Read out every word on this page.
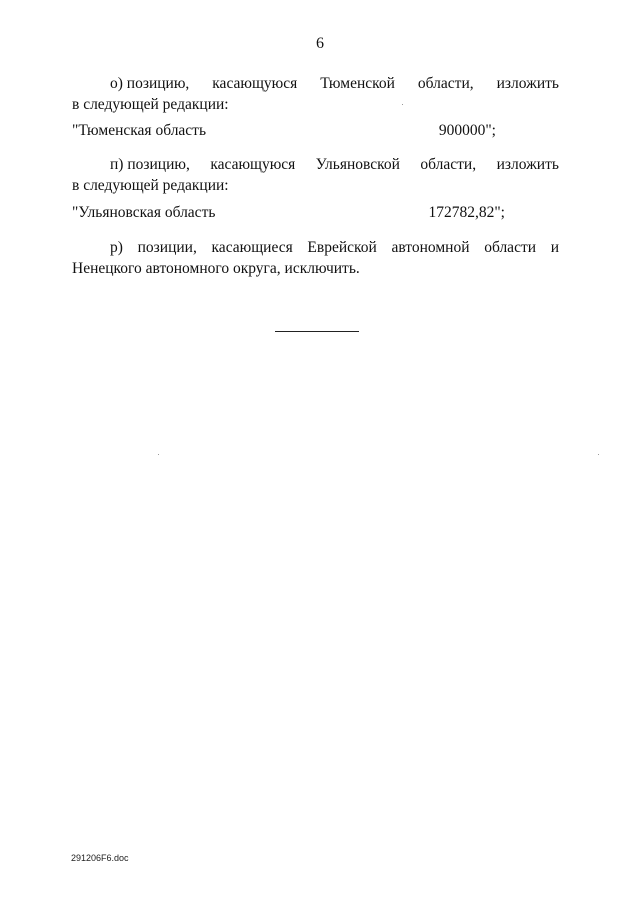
6
о) позицию, касающуюся Тюменской области, изложить
в следующей редакции:
"Тюменская область	900000";
п) позицию, касающуюся Ульяновской области, изложить
в следующей редакции:
"Ульяновская область	172782,82";
р) позиции, касающиеся Еврейской автономной области и Ненецкого автономного округа, исключить.
291206F6.doc
